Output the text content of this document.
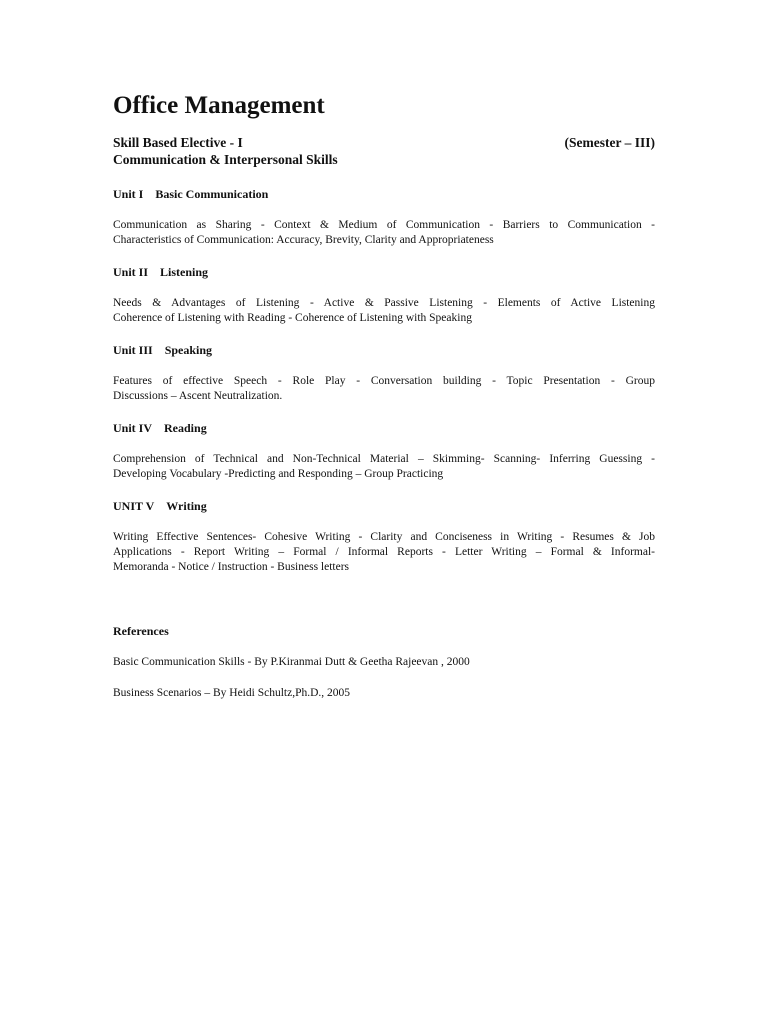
Office Management
Skill Based Elective - I	(Semester – III)
Communication & Interpersonal Skills
Unit I Basic Communication
Communication as Sharing - Context & Medium of Communication - Barriers to Communication -
Characteristics of Communication: Accuracy, Brevity, Clarity and Appropriateness
Unit II Listening
Needs & Advantages of Listening - Active & Passive Listening - Elements of Active Listening
Coherence of Listening with Reading - Coherence of Listening with Speaking
Unit III Speaking
Features of effective Speech - Role Play - Conversation building - Topic Presentation - Group
Discussions – Ascent Neutralization.
Unit IV Reading
Comprehension of Technical and Non-Technical Material – Skimming- Scanning- Inferring Guessing -
Developing Vocabulary -Predicting and Responding – Group Practicing
UNIT V Writing
Writing Effective Sentences- Cohesive Writing - Clarity and Conciseness in Writing - Resumes & Job
Applications - Report Writing – Formal / Informal Reports - Letter Writing – Formal & Informal-
Memoranda - Notice / Instruction - Business letters
References
Basic Communication Skills - By P.Kiranmai Dutt & Geetha Rajeevan , 2000
Business Scenarios – By Heidi Schultz,Ph.D., 2005
